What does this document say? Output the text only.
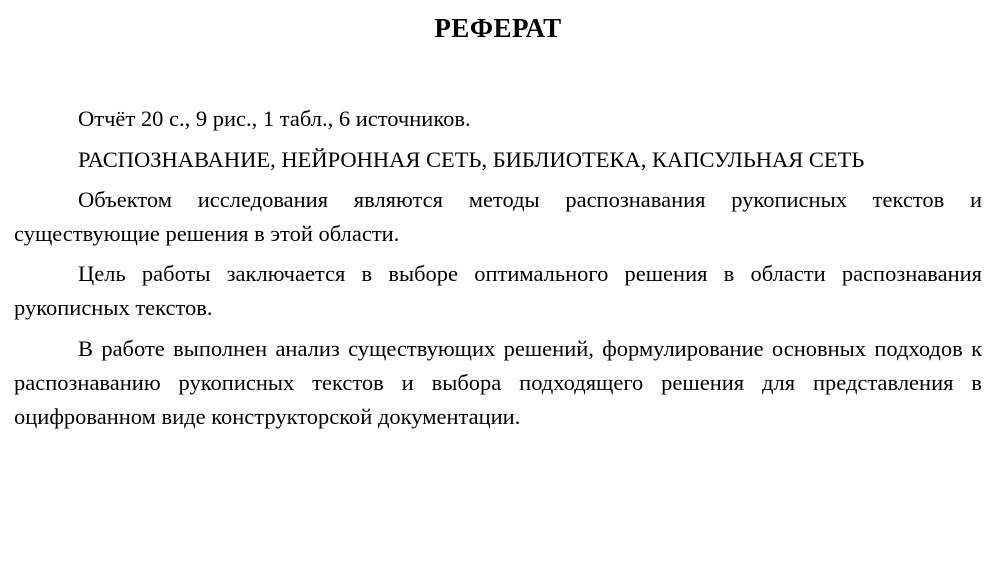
РЕФЕРАТ

Отчёт 20 с., 9 рис., 1 табл., 6 источников.

РАСПОЗНАВАНИЕ, НЕЙРОННАЯ СЕТЬ, БИБЛИОТЕКА, КАПСУЛЬНАЯ СЕТЬ

Объектом исследования являются методы распознавания рукописных текстов и существующие решения в этой области.

Цель работы заключается в выборе оптимального решения в области распознавания рукописных текстов.

В работе выполнен анализ существующих решений, формулирование основных подходов к распознаванию рукописных текстов и выбора подходящего решения для представления в оцифрованном виде конструкторской документации.
